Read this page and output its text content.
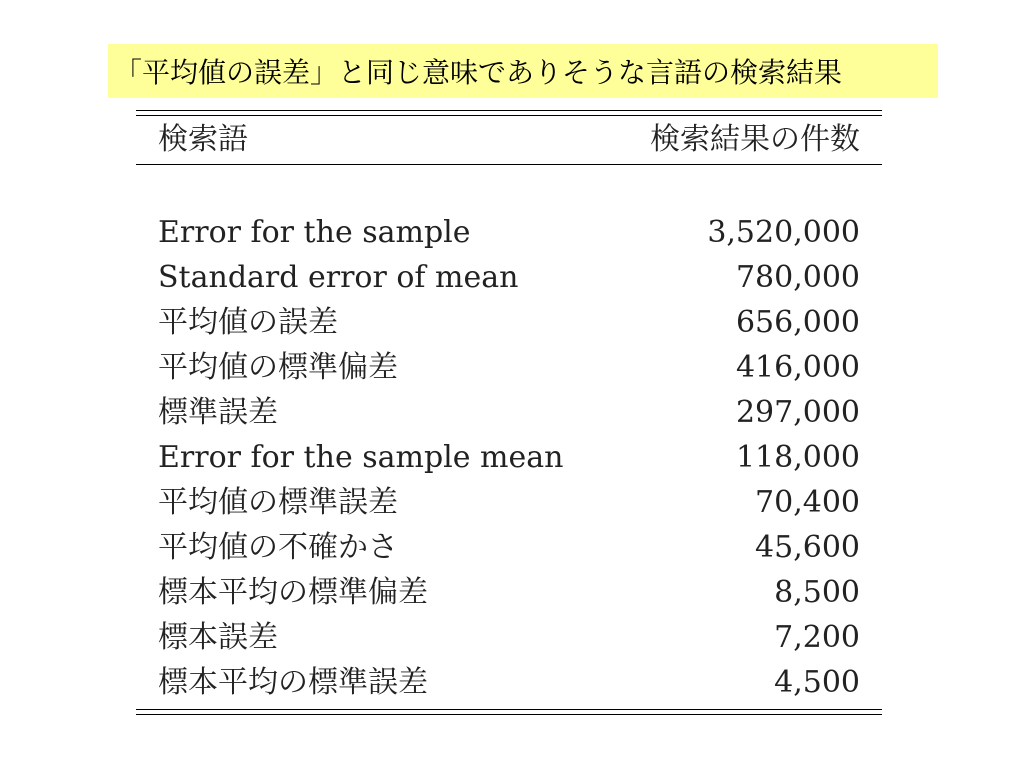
「平均値の誤差」と同じ意味でありそうな言語の検索結果
検索語	検索結果の件数

Error for the sample	3,520,000
Standard error of mean	780,000
平均値の誤差	656,000
平均値の標準偏差	416,000
標準誤差	297,000
Error for the sample mean	118,000
平均値の標準誤差	70,400
平均値の不確かさ	45,600
標本平均の標準偏差	8,500
標本誤差	7,200
標本平均の標準誤差	4,500
